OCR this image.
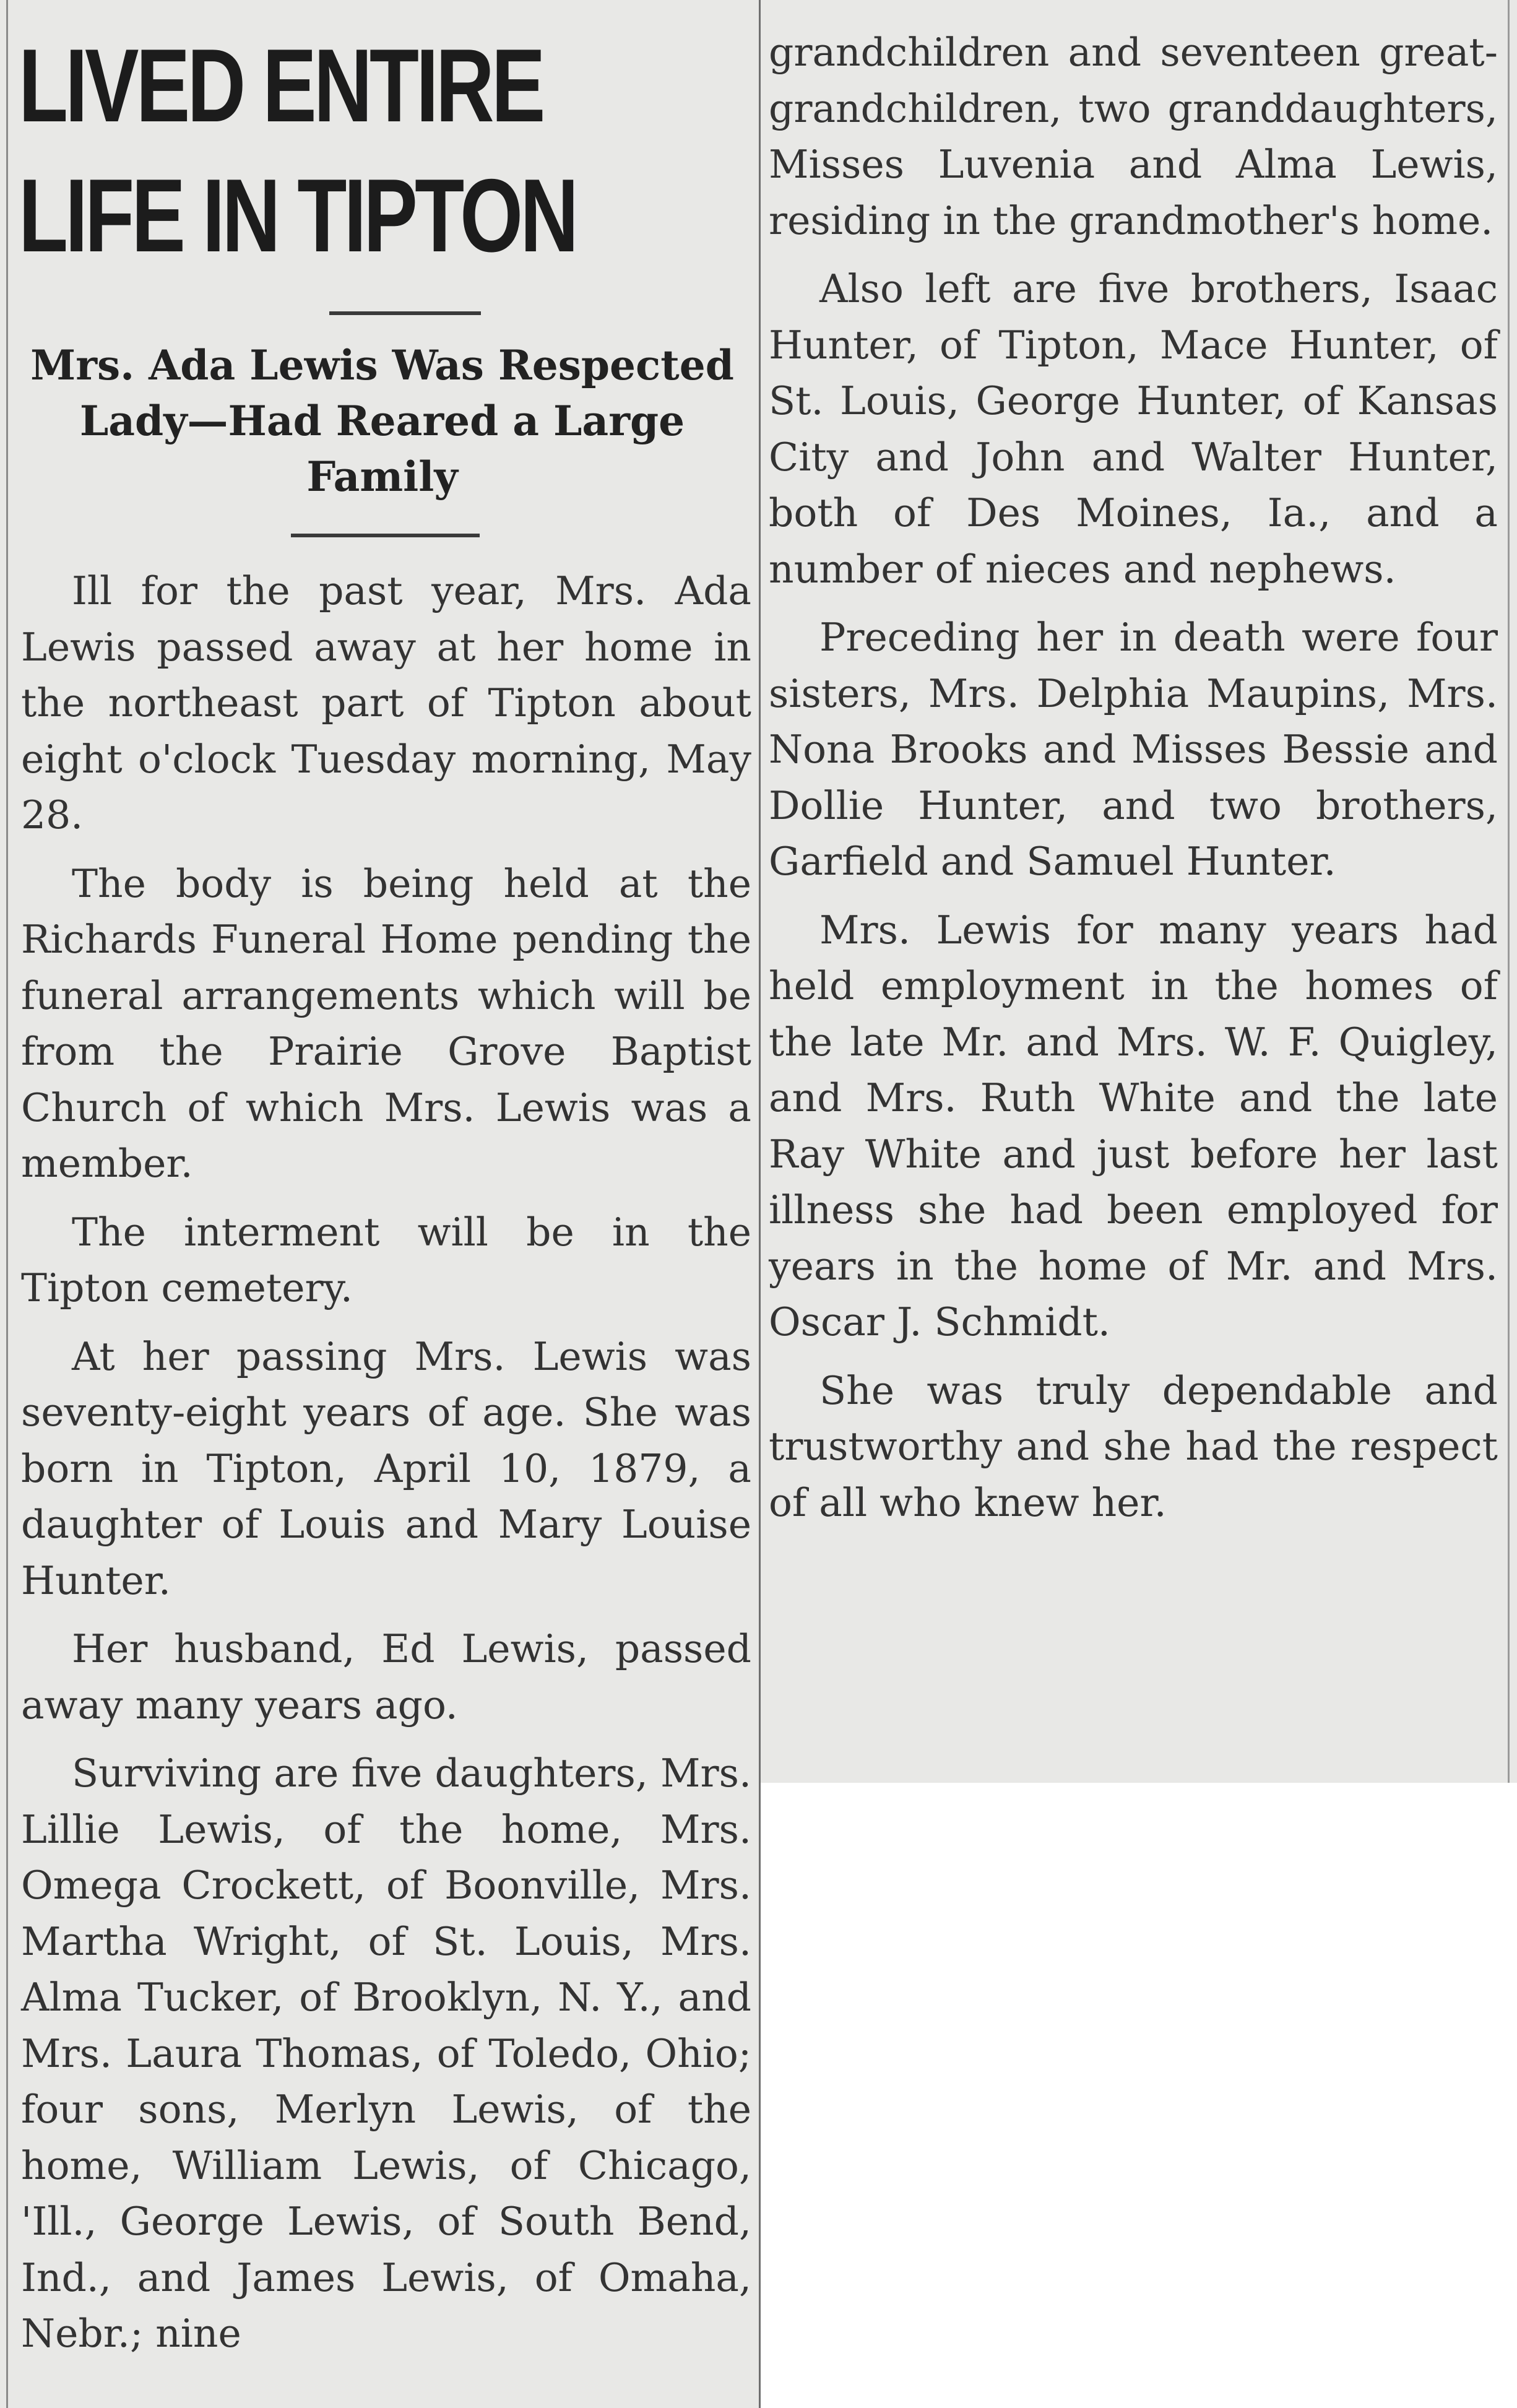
LIVED ENTIRE
LIFE IN TIPTON
Mrs. Ada Lewis Was Respected Lady—Had Reared a Large Family

Ill for the past year, Mrs. Ada Lewis passed away at her home in the northeast part of Tipton about eight o'clock Tuesday morning, May 28.

The body is being held at the Richards Funeral Home pending the funeral arrangements which will be from the Prairie Grove Baptist Church of which Mrs. Lewis was a member.

The interment will be in the Tipton cemetery.

At her passing Mrs. Lewis was seventy-eight years of age. She was born in Tipton, April 10, 1879, a daughter of Louis and Mary Louise Hunter.

Her husband, Ed Lewis, passed away many years ago.

Surviving are five daughters, Mrs. Lillie Lewis, of the home, Mrs. Omega Crockett, of Boonville, Mrs. Martha Wright, of St. Louis, Mrs. Alma Tucker, of Brooklyn, N. Y., and Mrs. Laura Thomas, of Toledo, Ohio; four sons, Merlyn Lewis, of the home, William Lewis, of Chicago, 'Ill., George Lewis, of South Bend, Ind., and James Lewis, of Omaha, Nebr.; nine

grandchildren and seventeen great-grandchildren, two granddaughters, Misses Luvenia and Alma Lewis, residing in the grandmother's home.

Also left are five brothers, Isaac Hunter, of Tipton, Mace Hunter, of St. Louis, George Hunter, of Kansas City and John and Walter Hunter, both of Des Moines, Ia., and a number of nieces and nephews.

Preceding her in death were four sisters, Mrs. Delphia Maupins, Mrs. Nona Brooks and Misses Bessie and Dollie Hunter, and two brothers, Garfield and Samuel Hunter.

Mrs. Lewis for many years had held employment in the homes of the late Mr. and Mrs. W. F. Quigley, and Mrs. Ruth White and the late Ray White and just before her last illness she had been employed for years in the home of Mr. and Mrs. Oscar J. Schmidt.

She was truly dependable and trustworthy and she had the respect of all who knew her.
